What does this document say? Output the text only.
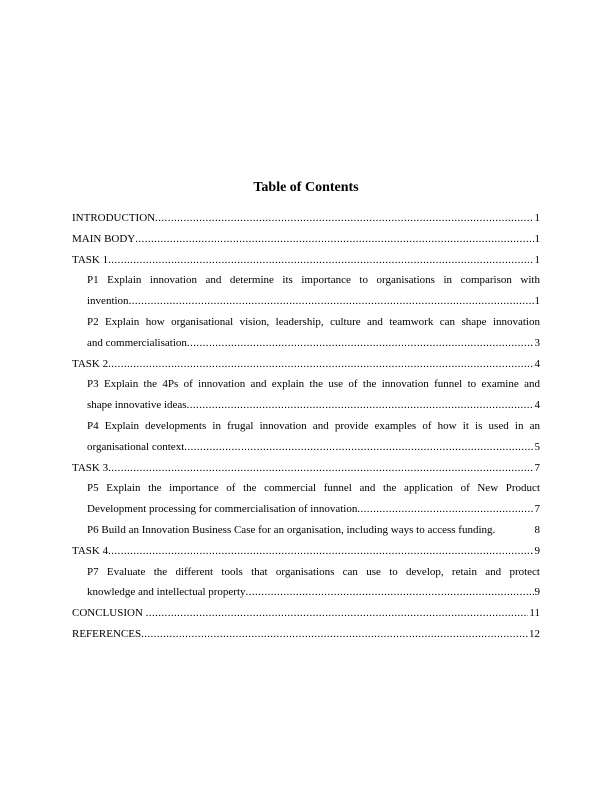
Table of Contents
INTRODUCTION .....	1
MAIN BODY .....	1
TASK 1 .....	1
P1 Explain innovation and determine its importance to organisations in comparison with
invention .....	1
P2 Explain how organisational vision, leadership, culture and teamwork can shape innovation
and commercialisation .....	3
TASK 2 .....	4
P3 Explain the 4Ps of innovation and explain the use of the innovation funnel to examine and
shape innovative ideas .....	4
P4 Explain developments in frugal innovation and provide examples of how it is used in an
organisational context .....	5
TASK 3 .....	7
P5 Explain the importance of the commercial funnel and the application of New Product
Development processing for commercialisation of innovation .....	7
P6 Build an Innovation Business Case for an organisation, including ways to access funding.	8
TASK 4 .....	9
P7 Evaluate the different tools that organisations can use to develop, retain and protect
knowledge and intellectual property .....	9
CONCLUSION .....	11
REFERENCES .....	12
